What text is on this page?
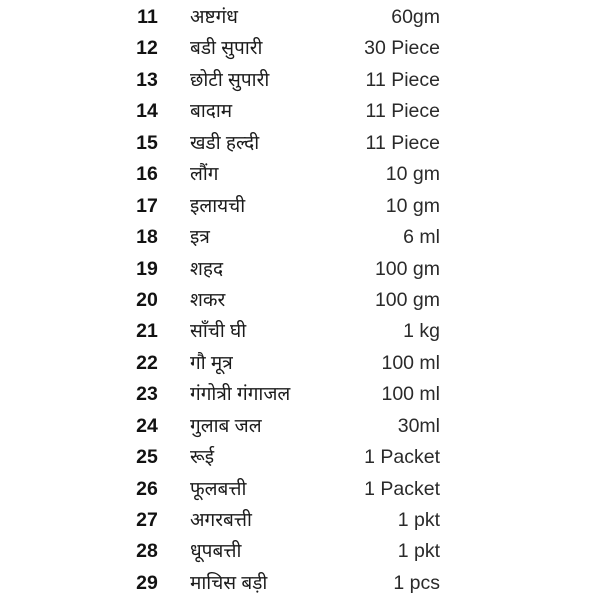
11	अष्टगंध	60gm
12	बडी सुपारी	30 Piece
13	छोटी सुपारी	11 Piece
14	बादाम	11 Piece
15	खडी हल्दी	11 Piece
16	लौंग	10 gm
17	इलायची	10 gm
18	इत्र	6 ml
19	शहद	100 gm
20	शकर	100 gm
21	साँची घी	1 kg
22	गौ मूत्र	100 ml
23	गंगोत्री गंगाजल	100 ml
24	गुलाब जल	30ml
25	रूई	1 Packet
26	फूलबत्ती	1 Packet
27	अगरबत्ती	1 pkt
28	धूपबत्ती	1 pkt
29	माचिस बड़ी	1 pcs
